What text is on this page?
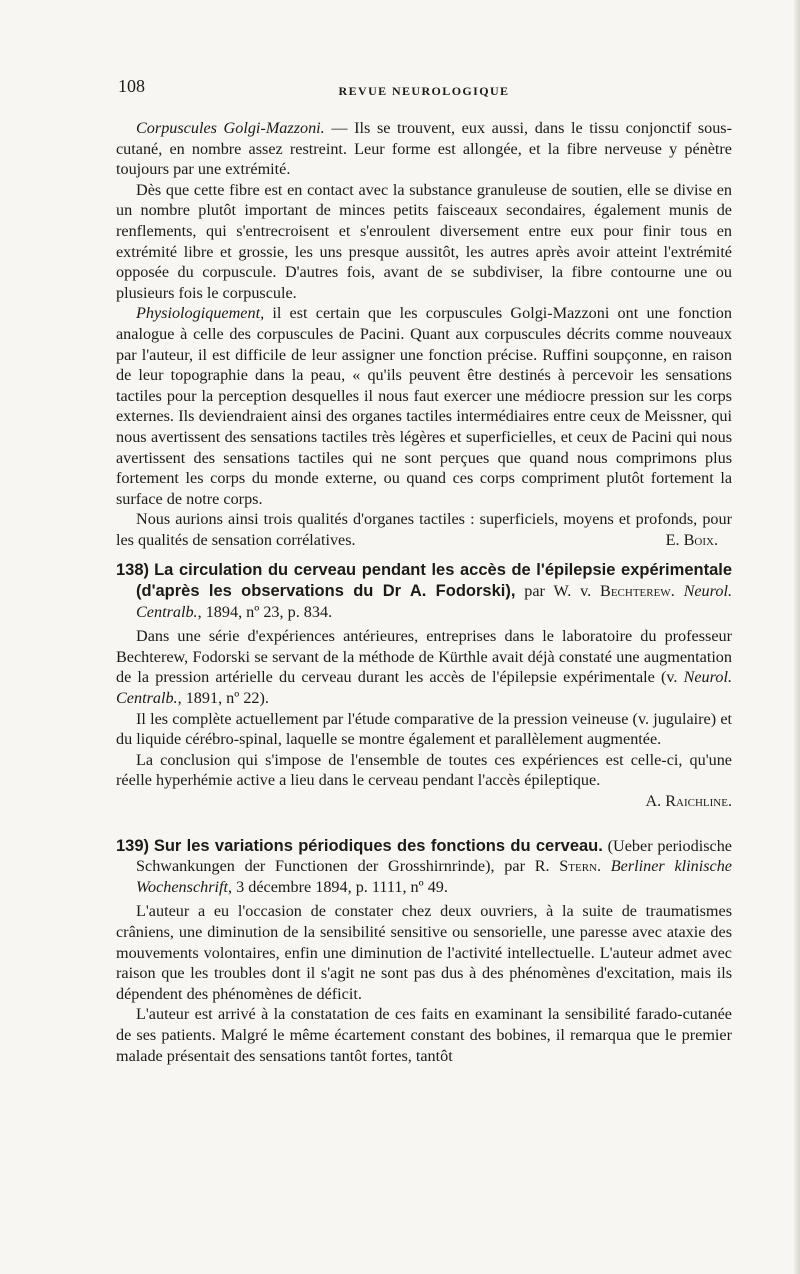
108	REVUE NEUROLOGIQUE

Corpuscules Golgi-Mazzoni. — Ils se trouvent, eux aussi, dans le tissu conjonctif sous-cutané, en nombre assez restreint. Leur forme est allongée, et la fibre nerveuse y pénètre toujours par une extrémité.

Dès que cette fibre est en contact avec la substance granuleuse de soutien, elle se divise en un nombre plutôt important de minces petits faisceaux secondaires, également munis de renflements, qui s'entrecroisent et s'enroulent diversement entre eux pour finir tous en extrémité libre et grossie, les uns presque aussitôt, les autres après avoir atteint l'extrémité opposée du corpuscule. D'autres fois, avant de se subdiviser, la fibre contourne une ou plusieurs fois le corpuscule.

Physiologiquement, il est certain que les corpuscules Golgi-Mazzoni ont une fonction analogue à celle des corpuscules de Pacini. Quant aux corpuscules décrits comme nouveaux par l'auteur, il est difficile de leur assigner une fonction précise. Ruffini soupçonne, en raison de leur topographie dans la peau, « qu'ils peuvent être destinés à percevoir les sensations tactiles pour la perception desquelles il nous faut exercer une médiocre pression sur les corps externes. Ils deviendraient ainsi des organes tactiles intermédiaires entre ceux de Meissner, qui nous avertissent des sensations tactiles très légères et superficielles, et ceux de Pacini qui nous avertissent des sensations tactiles qui ne sont perçues que quand nous comprimons plus fortement les corps du monde externe, ou quand ces corps compriment plutôt fortement la surface de notre corps.

Nous aurions ainsi trois qualités d'organes tactiles : superficiels, moyens et profonds, pour les qualités de sensation corrélatives.	E. Boix.

138) La circulation du cerveau pendant les accès de l'épilepsie expérimentale (d'après les observations du Dr A. Fodorski), par W. v. Bechterew. Neurol. Centralb., 1894, nº 23, p. 834.

Dans une série d'expériences antérieures, entreprises dans le laboratoire du professeur Bechterew, Fodorski se servant de la méthode de Kürthle avait déjà constaté une augmentation de la pression artérielle du cerveau durant les accès de l'épilepsie expérimentale (v. Neurol. Centralb., 1891, nº 22).

Il les complète actuellement par l'étude comparative de la pression veineuse (v. jugulaire) et du liquide cérébro-spinal, laquelle se montre également et parallèlement augmentée.

La conclusion qui s'impose de l'ensemble de toutes ces expériences est celle-ci, qu'une réelle hyperhémie active a lieu dans le cerveau pendant l'accès épileptique.

A. Raichline.

139) Sur les variations périodiques des fonctions du cerveau. (Ueber periodische Schwankungen der Functionen der Grosshirnrinde), par R. Stern. Berliner klinische Wochenschrift, 3 décembre 1894, p. 1111, nº 49.

L'auteur a eu l'occasion de constater chez deux ouvriers, à la suite de traumatismes crâniens, une diminution de la sensibilité sensitive ou sensorielle, une paresse avec ataxie des mouvements volontaires, enfin une diminution de l'activité intellectuelle. L'auteur admet avec raison que les troubles dont il s'agit ne sont pas dus à des phénomènes d'excitation, mais ils dépendent des phénomènes de déficit.

L'auteur est arrivé à la constatation de ces faits en examinant la sensibilité farado-cutanée de ses patients. Malgré le même écartement constant des bobines, il remarqua que le premier malade présentait des sensations tantôt fortes, tantôt
